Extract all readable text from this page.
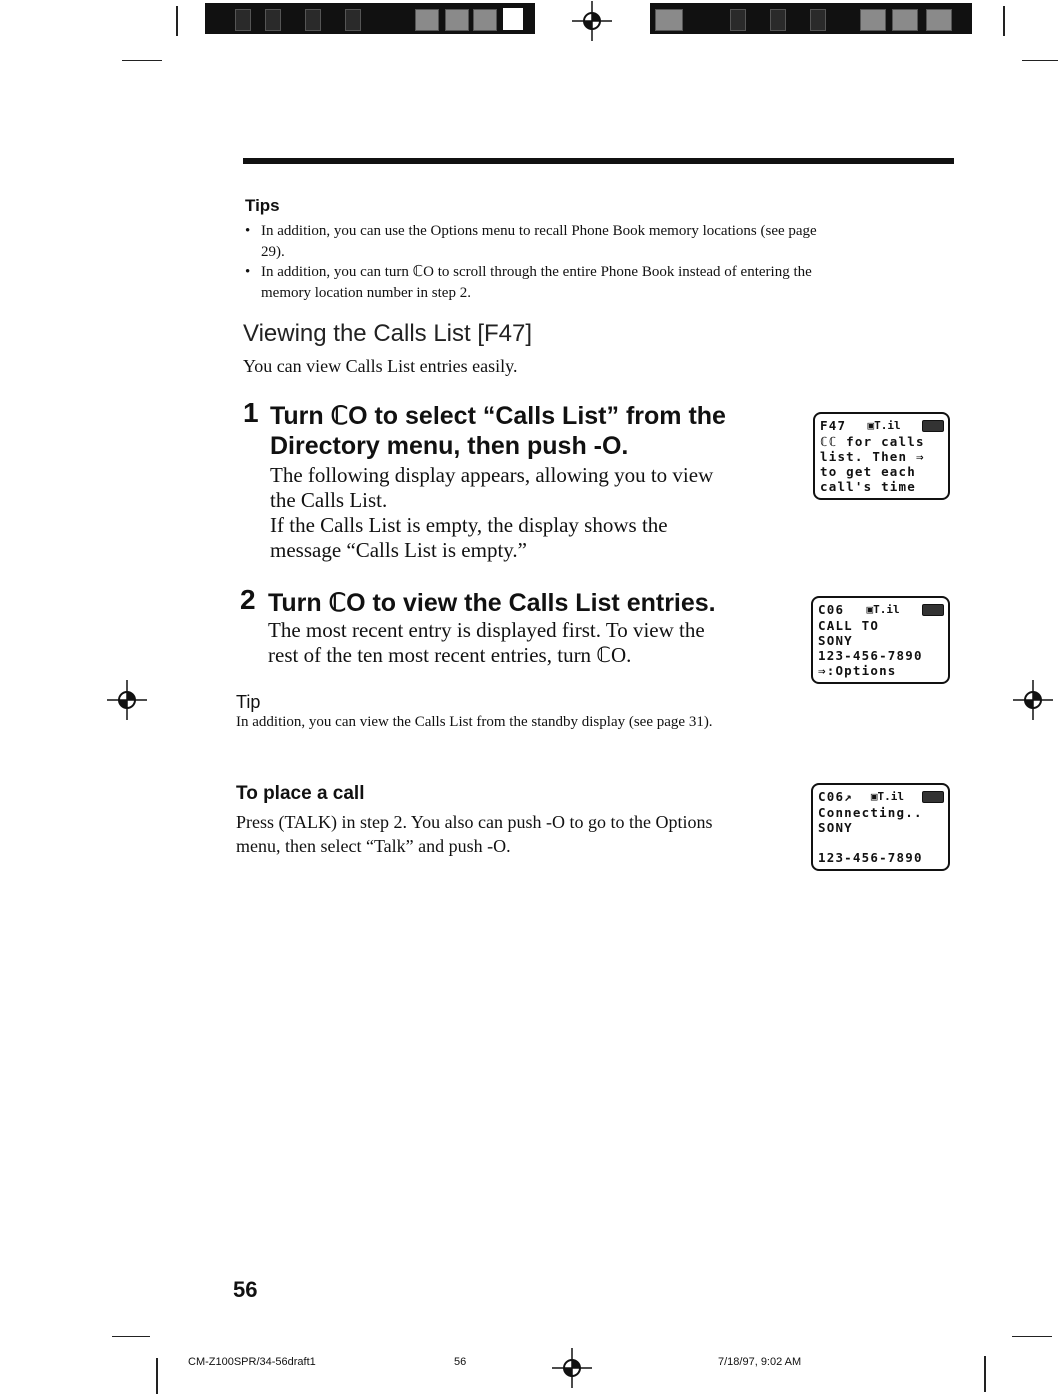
Tips
• In addition, you can use the Options menu to recall Phone Book memory locations (see page
29).
• In addition, you can turn ℂO to scroll through the entire Phone Book instead of entering the
memory location number in step 2.
Viewing the Calls List [F47]
You can view Calls List entries easily.
1 Turn ℂO to select “Calls List” from the
Directory menu, then push -O.
The following display appears, allowing you to view
the Calls List.
If the Calls List is empty, the display shows the
message “Calls List is empty.”
F47 ▣T.il
ℂℂ for calls
list. Then ⇒
to get each
call's time
2 Turn ℂO to view the Calls List entries.
The most recent entry is displayed first. To view the
rest of the ten most recent entries, turn ℂO.
C06 ▣T.il
CALL TO
SONY
123-456-7890
⇒:Options
Tip
In addition, you can view the Calls List from the standby display (see page 31).
To place a call
Press (TALK) in step 2. You also can push -O to go to the Options
menu, then select “Talk” and push -O.
C06↗ ▣T.il
Connecting..
SONY

123-456-7890
56
CM-Z100SPR/34-56draft1	56	7/18/97, 9:02 AM
